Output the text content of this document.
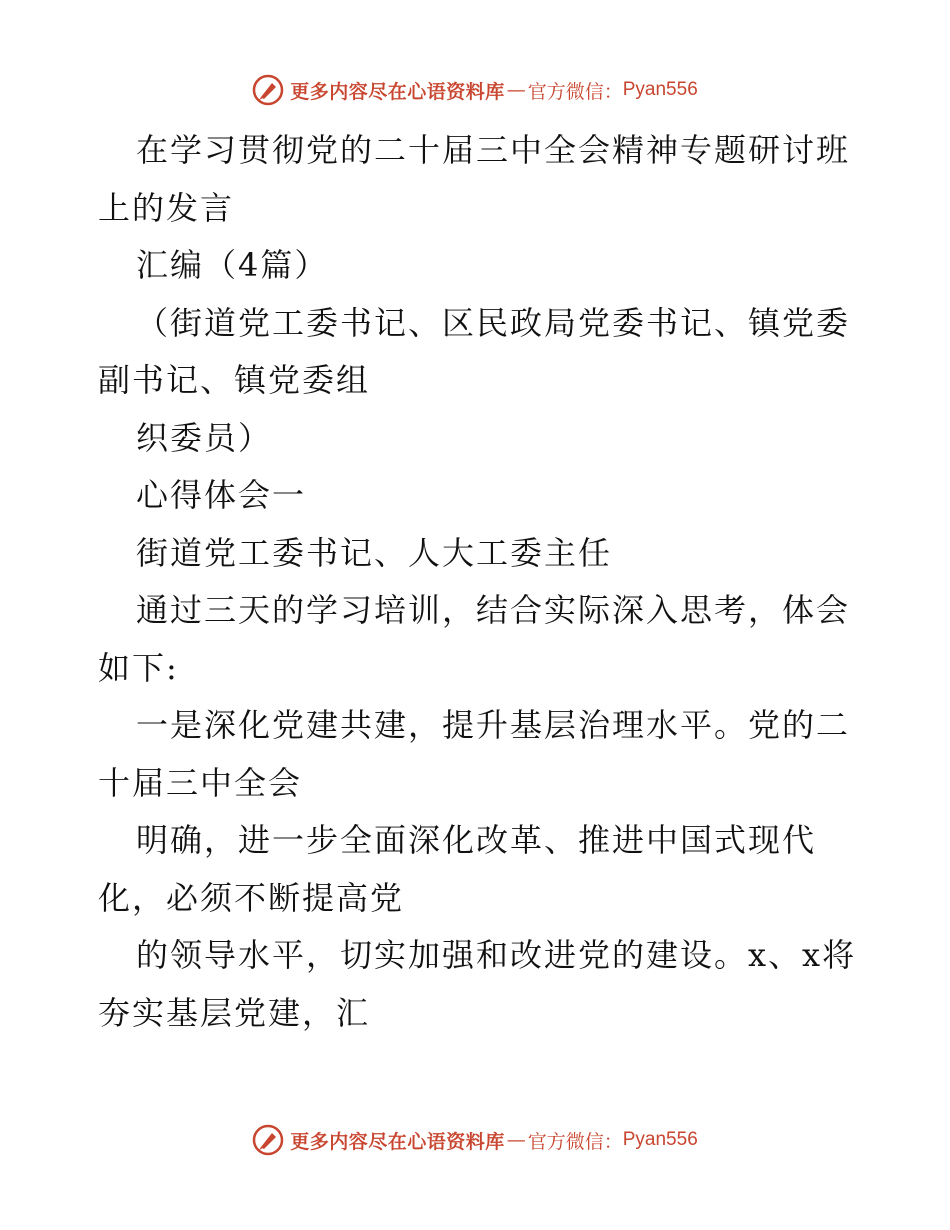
更多内容尽在心语资料库 — 官方微信： Pyan556

在学习贯彻党的二十届三中全会精神专题研讨班上的发言

汇编（4篇）

（街道党工委书记、区民政局党委书记、镇党委副书记、镇党委组

织委员）

心得体会一

街道党工委书记、人大工委主任

通过三天的学习培训，结合实际深入思考，体会如下:

一是深化党建共建，提升基层治理水平。党的二十届三中全会

明确，进一步全面深化改革、推进中国式现代化，必须不断提高党

的领导水平，切实加强和改进党的建设。x、x将夯实基层党建，汇

更多内容尽在心语资料库 — 官方微信： Pyan556
